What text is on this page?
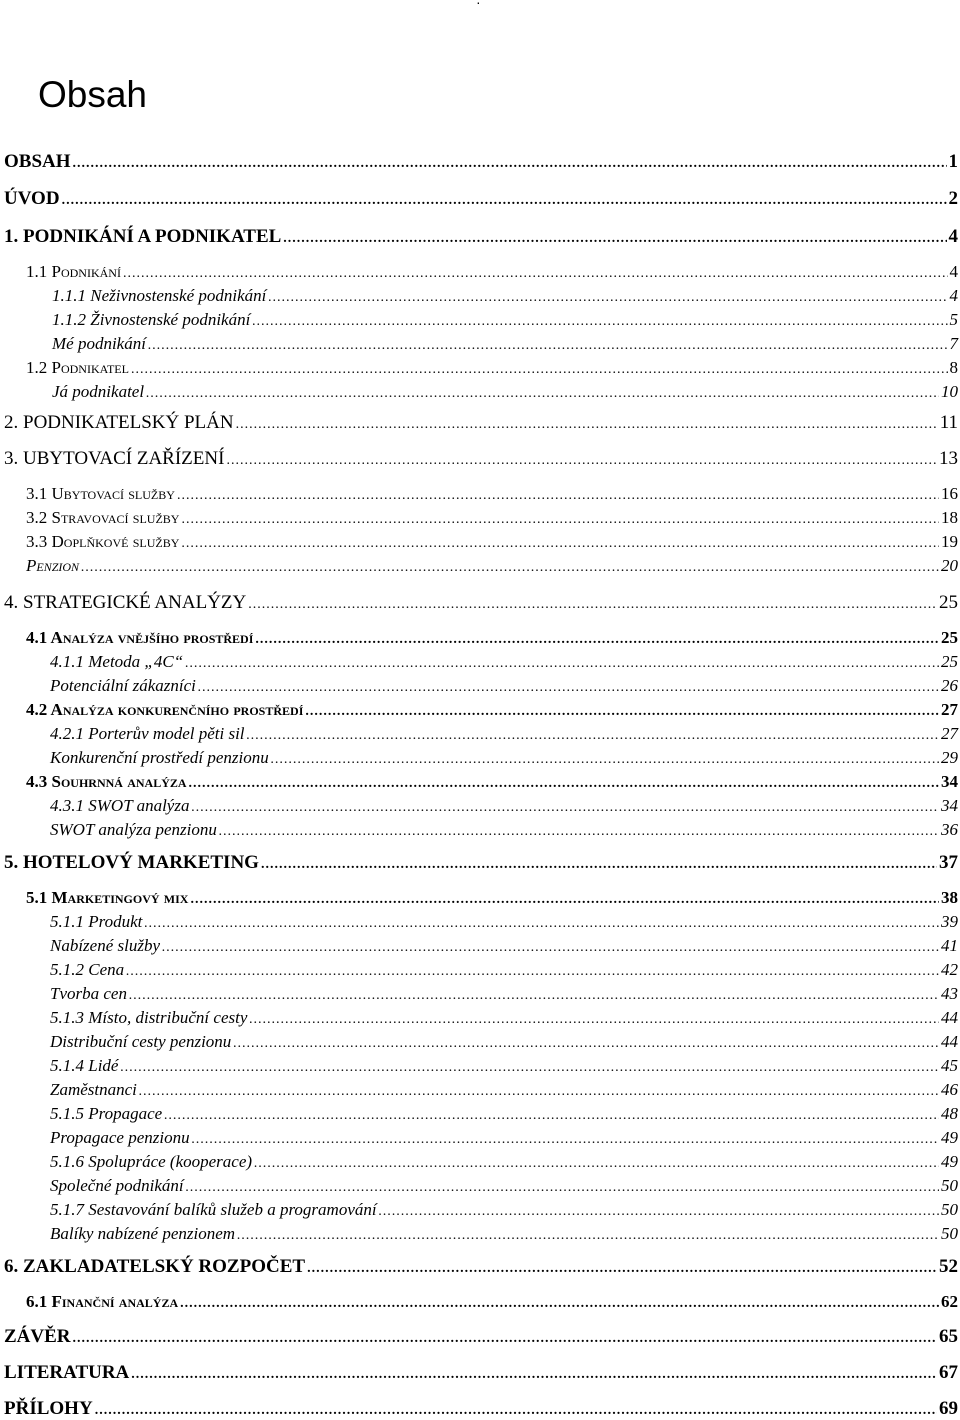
·
Obsah
OBSAH .....	1
ÚVOD .....	2
1. PODNIKÁNÍ A PODNIKATEL .....	4
1.1 Podnikání .....	4
1.1.1 Neživnostenské podnikání .....	4
1.1.2 Živnostenské podnikání .....	5
Mé podnikání .....	7
1.2 Podnikatel .....	8
Já podnikatel .....	10
2. PODNIKATELSKÝ PLÁN .....	11
3. UBYTOVACÍ ZAŘÍZENÍ .....	13
3.1 Ubytovací služby .....	16
3.2 Stravovací služby .....	18
3.3 Doplňkové služby .....	19
Penzion .....	20
4. STRATEGICKÉ ANALÝZY .....	25
4.1 Analýza vnějšího prostředí .....	25
4.1.1 Metoda „4C“ .....	25
Potenciální zákazníci .....	26
4.2 Analýza konkurenčního prostředí .....	27
4.2.1 Porterův model pěti sil .....	27
Konkurenční prostředí penzionu .....	29
4.3 Souhrnná analýza .....	34
4.3.1 SWOT analýza .....	34
SWOT analýza penzionu .....	36
5. HOTELOVÝ MARKETING .....	37
5.1 Marketingový mix .....	38
5.1.1 Produkt .....	39
Nabízené služby .....	41
5.1.2 Cena .....	42
Tvorba cen .....	43
5.1.3 Místo, distribuční cesty .....	44
Distribuční cesty penzionu .....	44
5.1.4 Lidé .....	45
Zaměstnanci .....	46
5.1.5 Propagace .....	48
Propagace penzionu .....	49
5.1.6 Spolupráce (kooperace) .....	49
Společné podnikání .....	50
5.1.7 Sestavování balíků služeb a programování .....	50
Balíky nabízené penzionem .....	50
6. ZAKLADATELSKÝ ROZPOČET .....	52
6.1 Finanční analýza .....	62
ZÁVĚR .....	65
LITERATURA .....	67
PŘÍLOHY .....	69
